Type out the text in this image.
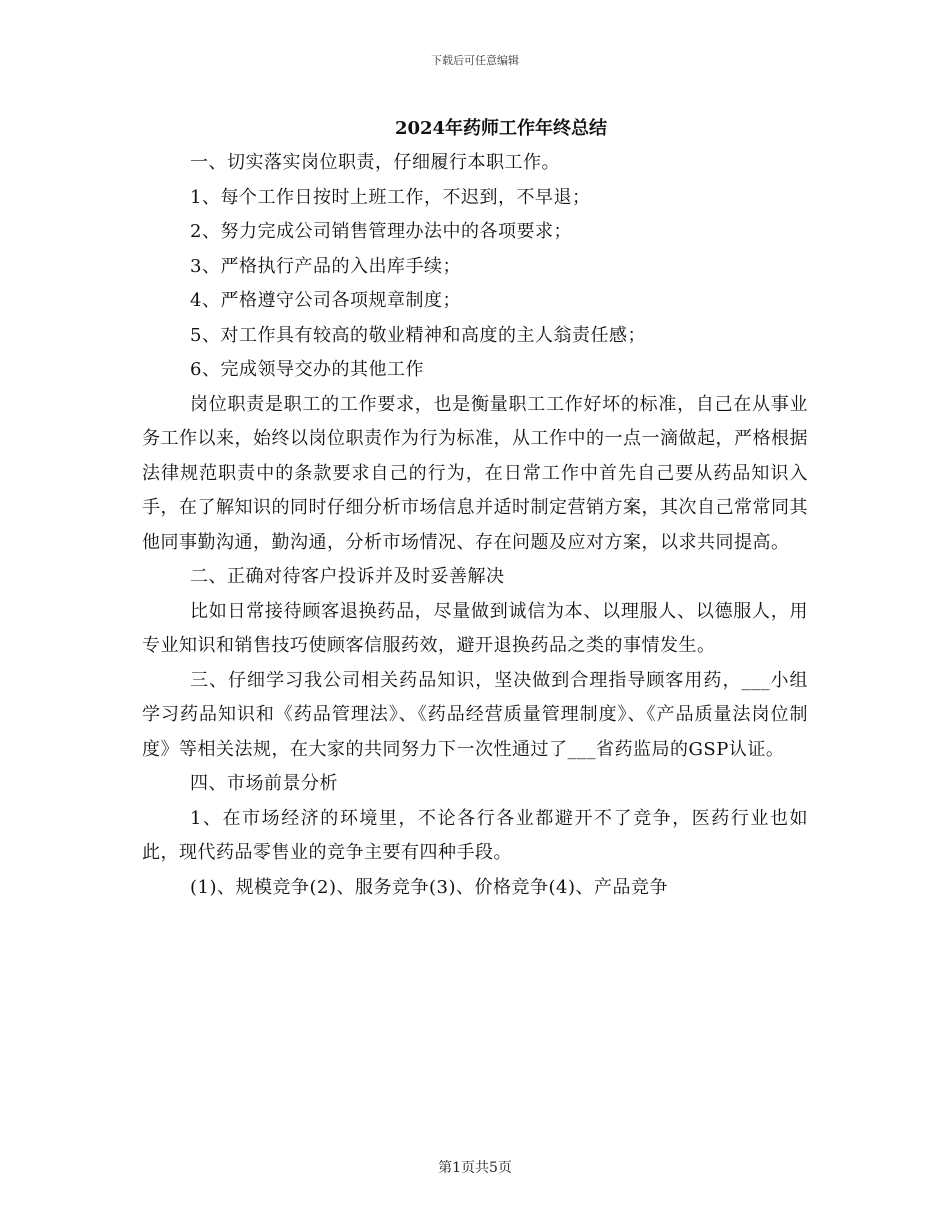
下载后可任意编辑
2024年药师工作年终总结

一、切实落实岗位职责，仔细履行本职工作。

1、每个工作日按时上班工作，不迟到，不早退；

2、努力完成公司销售管理办法中的各项要求；

3、严格执行产品的入出库手续；

4、严格遵守公司各项规章制度；

5、对工作具有较高的敬业精神和高度的主人翁责任感；

6、完成领导交办的其他工作

岗位职责是职工的工作要求，也是衡量职工工作好坏的标准，自己在从事业务工作以来，始终以岗位职责作为行为标准，从工作中的一点一滴做起，严格根据法律规范职责中的条款要求自己的行为，在日常工作中首先自己要从药品知识入手，在了解知识的同时仔细分析市场信息并适时制定营销方案，其次自己常常同其他同事勤沟通，勤沟通，分析市场情况、存在问题及应对方案，以求共同提高。

二、正确对待客户投诉并及时妥善解决

比如日常接待顾客退换药品，尽量做到诚信为本、以理服人、以德服人，用专业知识和销售技巧使顾客信服药效，避开退换药品之类的事情发生。

三、仔细学习我公司相关药品知识，坚决做到合理指导顾客用药，___小组学习药品知识和《药品管理法》、《药品经营质量管理制度》、《产品质量法岗位制度》等相关法规，在大家的共同努力下一次性通过了___省药监局的GSP认证。

四、市场前景分析

1、在市场经济的环境里，不论各行各业都避开不了竞争，医药行业也如此，现代药品零售业的竞争主要有四种手段。

(1)、规模竞争(2)、服务竞争(3)、价格竞争(4)、产品竞争

第1页共5页
